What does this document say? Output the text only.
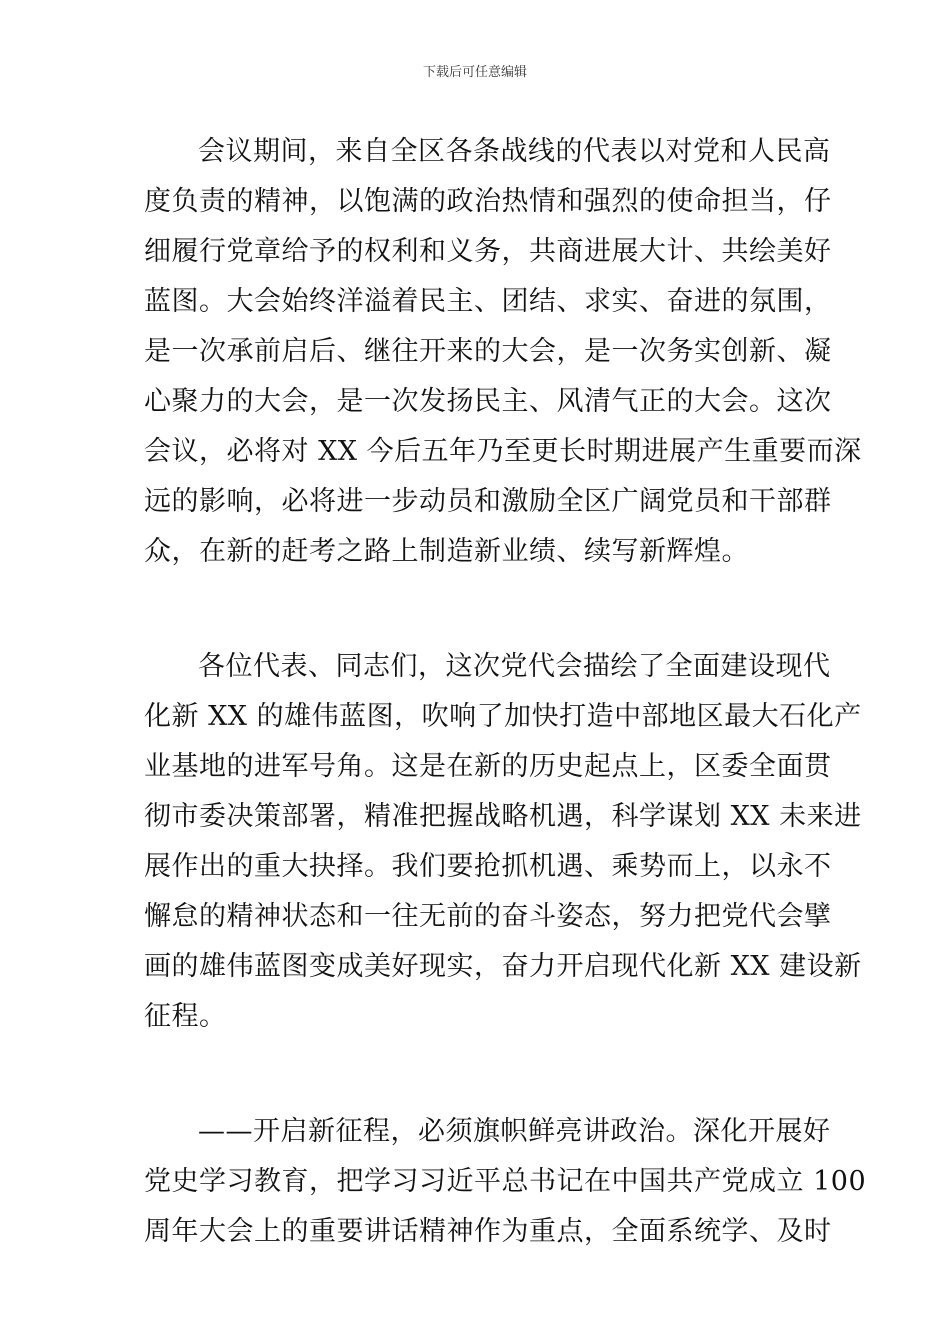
下载后可任意编辑
会议期间，来自全区各条战线的代表以对党和人民高
度负责的精神，以饱满的政治热情和强烈的使命担当，仔
细履行党章给予的权利和义务，共商进展大计、共绘美好
蓝图。大会始终洋溢着民主、团结、求实、奋进的氛围，
是一次承前启后、继往开来的大会，是一次务实创新、凝
心聚力的大会，是一次发扬民主、风清气正的大会。这次
会议，必将对 XX 今后五年乃至更长时期进展产生重要而深
远的影响，必将进一步动员和激励全区广阔党员和干部群
众，在新的赶考之路上制造新业绩、续写新辉煌。
各位代表、同志们，这次党代会描绘了全面建设现代
化新 XX 的雄伟蓝图，吹响了加快打造中部地区最大石化产
业基地的进军号角。这是在新的历史起点上，区委全面贯
彻市委决策部署，精准把握战略机遇，科学谋划 XX 未来进
展作出的重大抉择。我们要抢抓机遇、乘势而上，以永不
懈怠的精神状态和一往无前的奋斗姿态，努力把党代会擘
画的雄伟蓝图变成美好现实，奋力开启现代化新 XX 建设新
征程。
——开启新征程，必须旗帜鲜亮讲政治。深化开展好
党史学习教育，把学习习近平总书记在中国共产党成立 100
周年大会上的重要讲话精神作为重点，全面系统学、及时
